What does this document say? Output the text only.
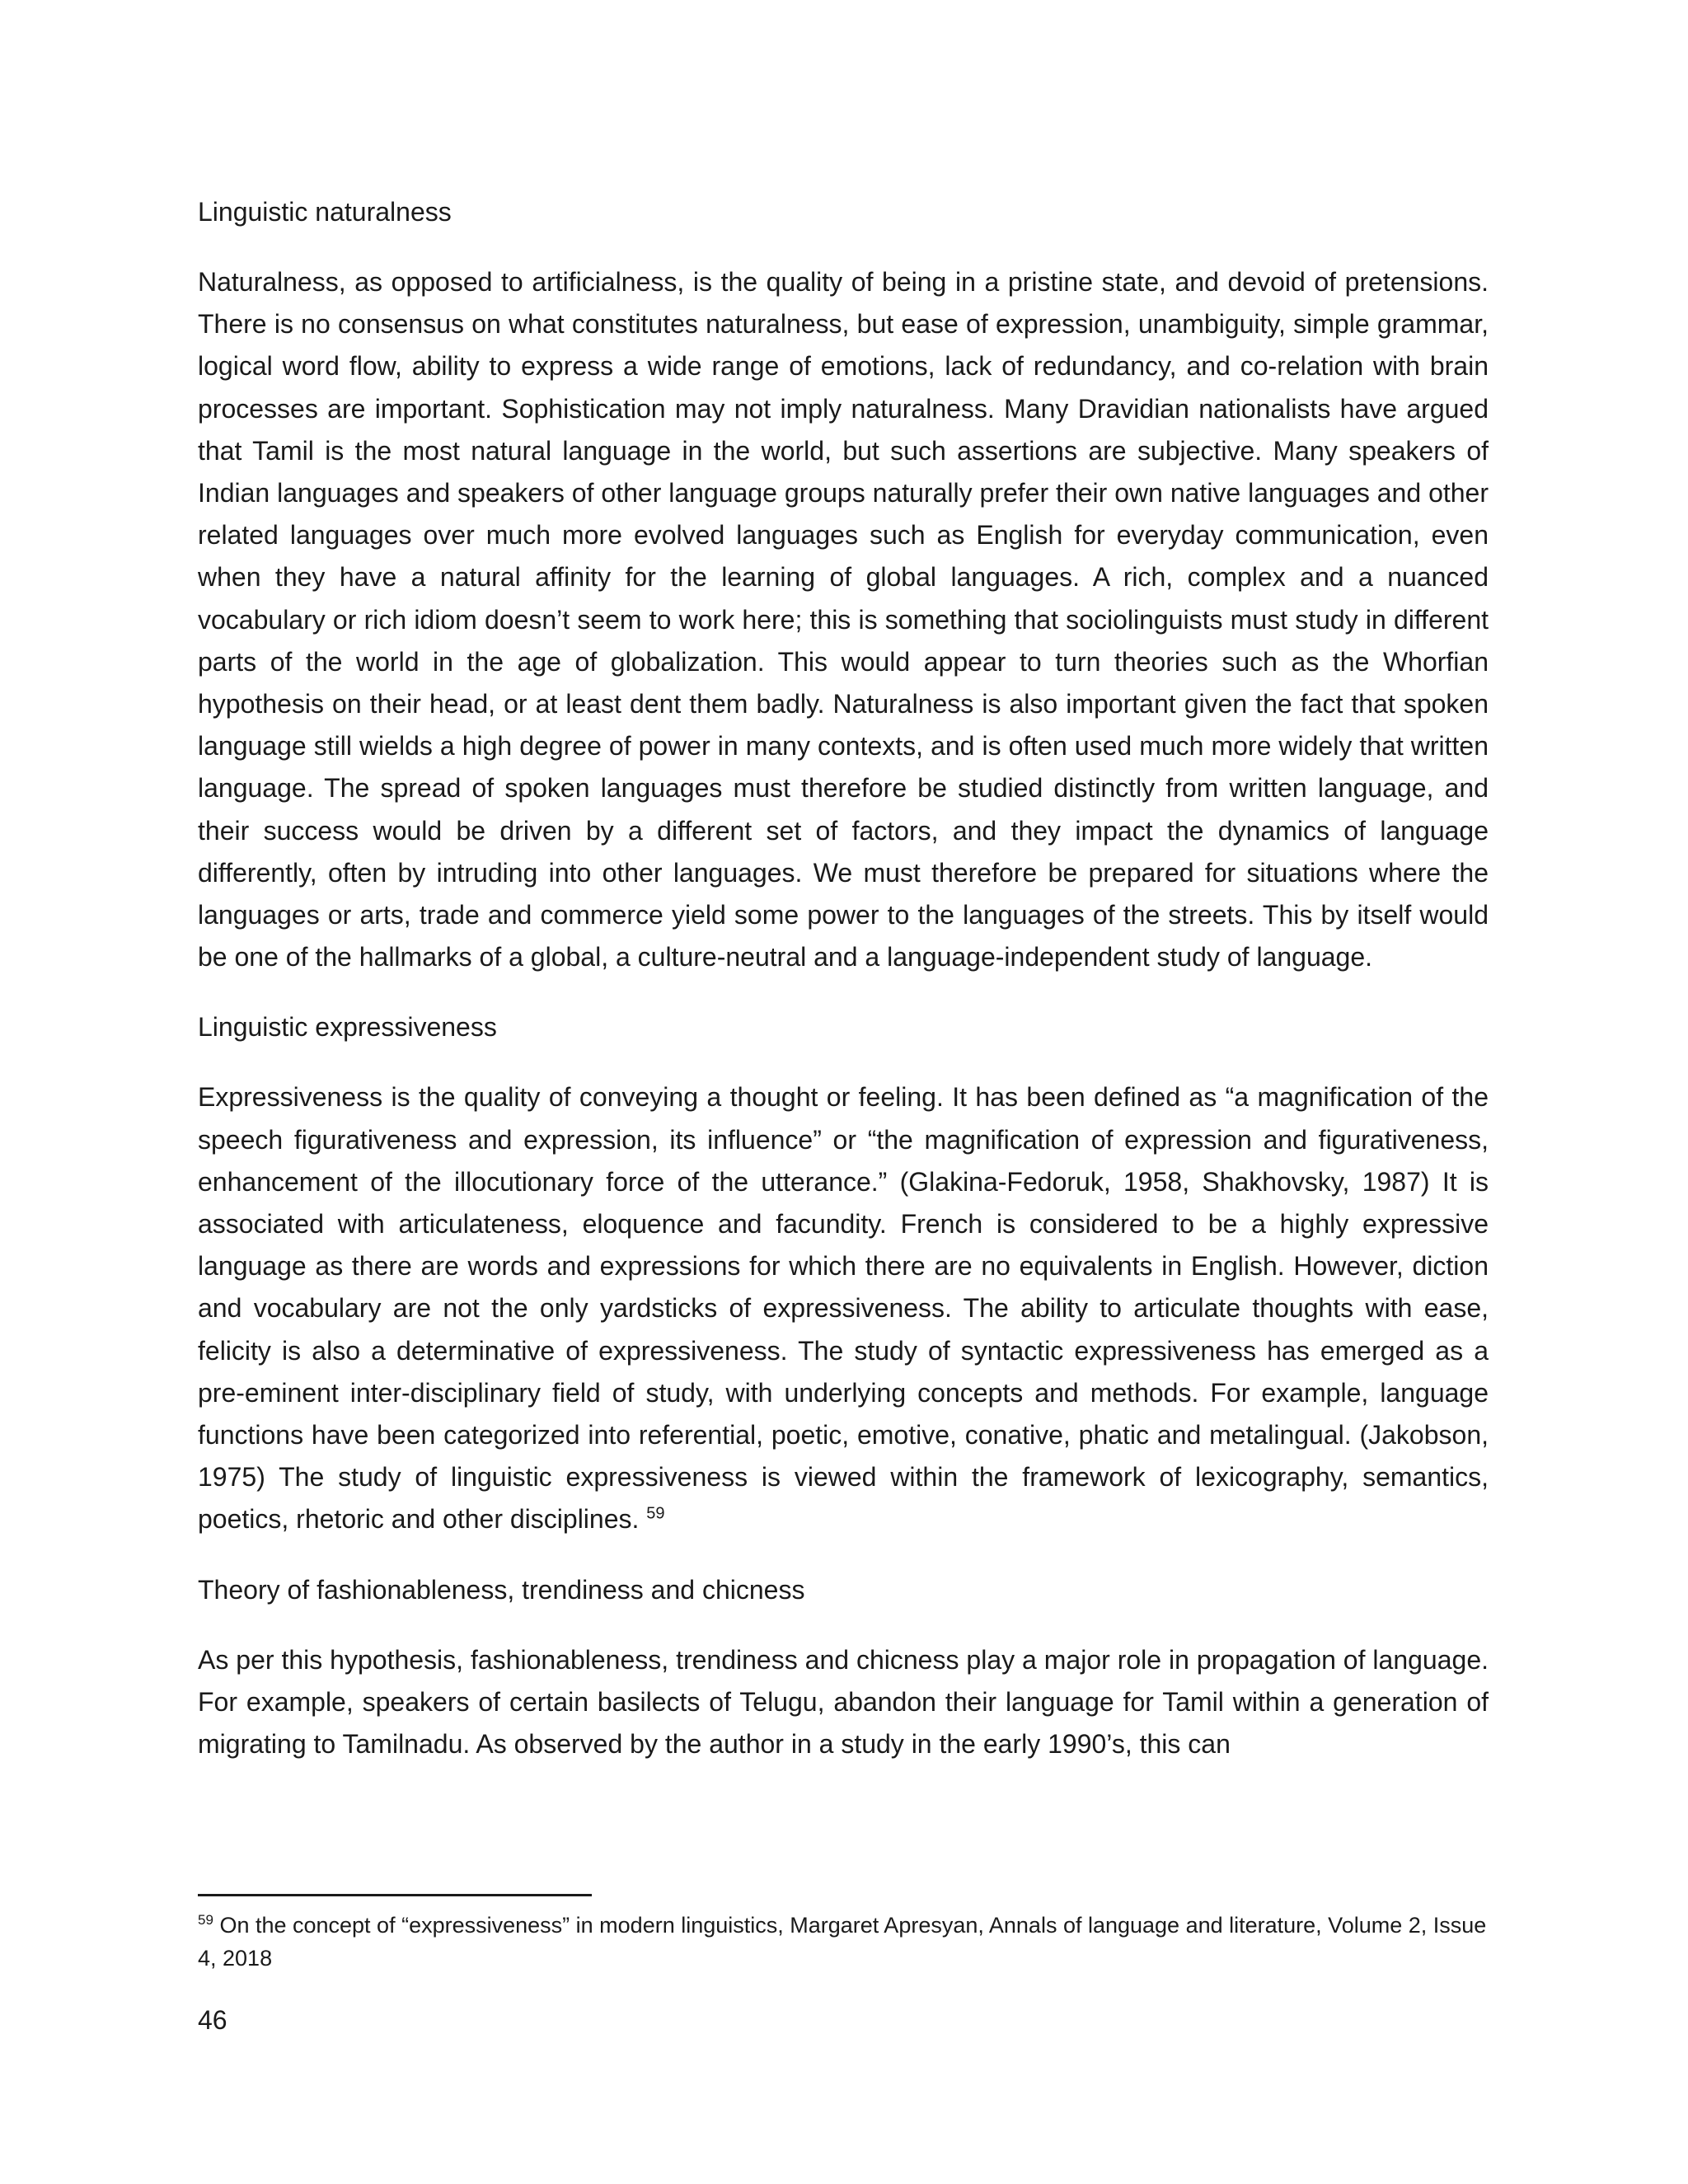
Linguistic naturalness

Naturalness, as opposed to artificialness, is the quality of being in a pristine state, and devoid of pretensions. There is no consensus on what constitutes naturalness, but ease of expression, unambiguity, simple grammar, logical word flow, ability to express a wide range of emotions, lack of redundancy, and co-relation with brain processes are important. Sophistication may not imply naturalness. Many Dravidian nationalists have argued that Tamil is the most natural language in the world, but such assertions are subjective. Many speakers of Indian languages and speakers of other language groups naturally prefer their own native languages and other related languages over much more evolved languages such as English for everyday communication, even when they have a natural affinity for the learning of global languages. A rich, complex and a nuanced vocabulary or rich idiom doesn’t seem to work here; this is something that sociolinguists must study in different parts of the world in the age of globalization. This would appear to turn theories such as the Whorfian hypothesis on their head, or at least dent them badly. Naturalness is also important given the fact that spoken language still wields a high degree of power in many contexts, and is often used much more widely that written language. The spread of spoken languages must therefore be studied distinctly from written language, and their success would be driven by a different set of factors, and they impact the dynamics of language differently, often by intruding into other languages. We must therefore be prepared for situations where the languages or arts, trade and commerce yield some power to the languages of the streets. This by itself would be one of the hallmarks of a global, a culture-neutral and a language-independent study of language.

Linguistic expressiveness

Expressiveness is the quality of conveying a thought or feeling. It has been defined as “a magnification of the speech figurativeness and expression, its influence” or “the magnification of expression and figurativeness, enhancement of the illocutionary force of the utterance.” (Glakina-Fedoruk, 1958, Shakhovsky, 1987) It is associated with articulateness, eloquence and facundity. French is considered to be a highly expressive language as there are words and expressions for which there are no equivalents in English. However, diction and vocabulary are not the only yardsticks of expressiveness. The ability to articulate thoughts with ease, felicity is also a determinative of expressiveness. The study of syntactic expressiveness has emerged as a pre-eminent inter-disciplinary field of study, with underlying concepts and methods. For example, language functions have been categorized into referential, poetic, emotive, conative, phatic and metalingual. (Jakobson, 1975) The study of linguistic expressiveness is viewed within the framework of lexicography, semantics, poetics, rhetoric and other disciplines. $^{59}$

Theory of fashionableness, trendiness and chicness

As per this hypothesis, fashionableness, trendiness and chicness play a major role in propagation of language. For example, speakers of certain basilects of Telugu, abandon their language for Tamil within a generation of migrating to Tamilnadu. As observed by the author in a study in the early 1990’s, this can

$^{59}$ On the concept of “expressiveness” in modern linguistics, Margaret Apresyan, Annals of language and literature, Volume 2, Issue 4, 2018
46
